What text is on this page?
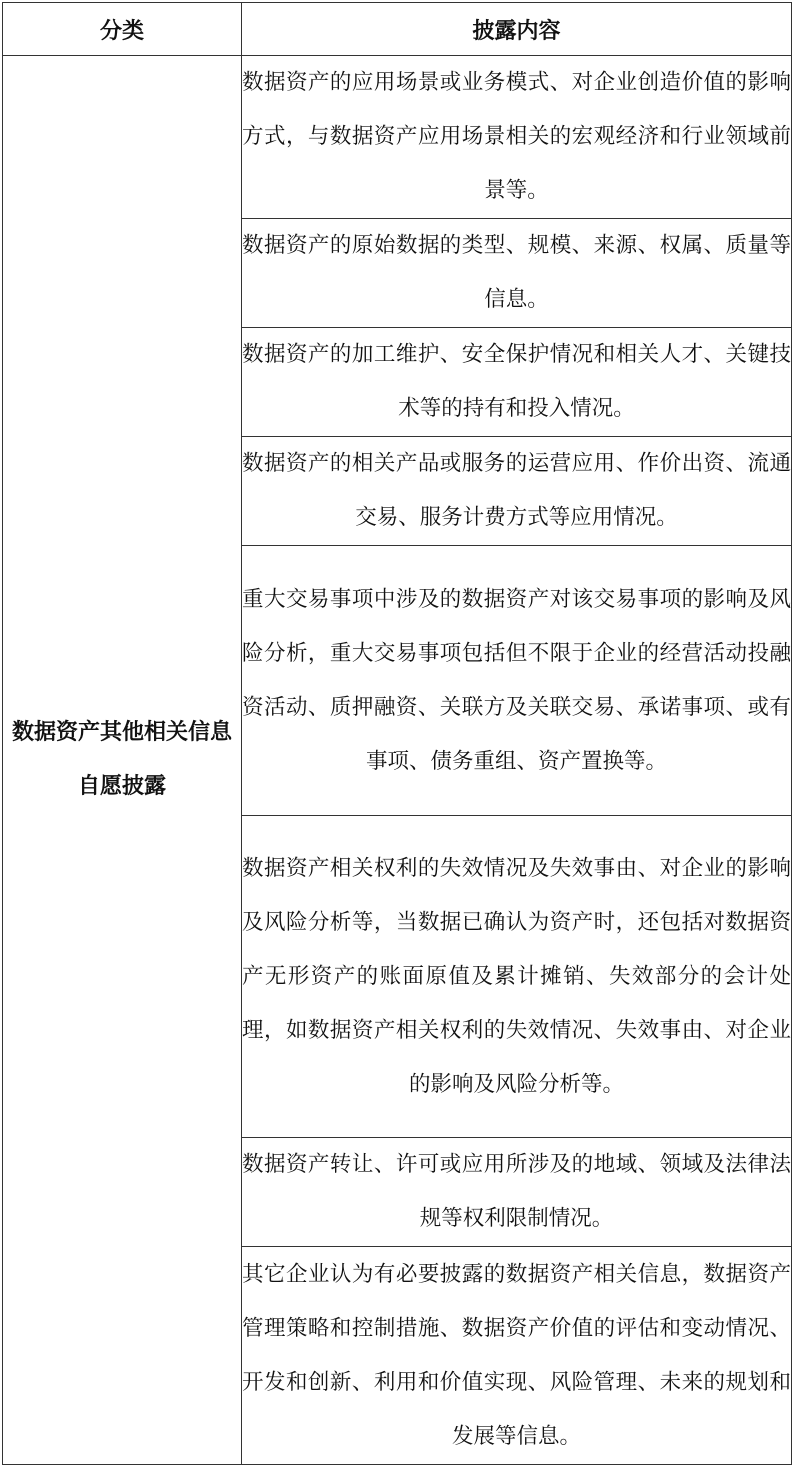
分类	披露内容
数据资产其他相关信息自愿披露	数据资产的应用场景或业务模式、对企业创造价值的影响方式，与数据资产应用场景相关的宏观经济和行业领域前景等。
	数据资产的原始数据的类型、规模、来源、权属、质量等信息。
	数据资产的加工维护、安全保护情况和相关人才、关键技术等的持有和投入情况。
	数据资产的相关产品或服务的运营应用、作价出资、流通交易、服务计费方式等应用情况。
	重大交易事项中涉及的数据资产对该交易事项的影响及风险分析，重大交易事项包括但不限于企业的经营活动投融资活动、质押融资、关联方及关联交易、承诺事项、或有事项、债务重组、资产置换等。
	数据资产相关权利的失效情况及失效事由、对企业的影响及风险分析等，当数据已确认为资产时，还包括对数据资产无形资产的账面原值及累计摊销、失效部分的会计处理，如数据资产相关权利的失效情况、失效事由、对企业的影响及风险分析等。
	数据资产转让、许可或应用所涉及的地域、领域及法律法规等权利限制情况。
	其它企业认为有必要披露的数据资产相关信息，数据资产管理策略和控制措施、数据资产价值的评估和变动情况、开发和创新、利用和价值实现、风险管理、未来的规划和发展等信息。
